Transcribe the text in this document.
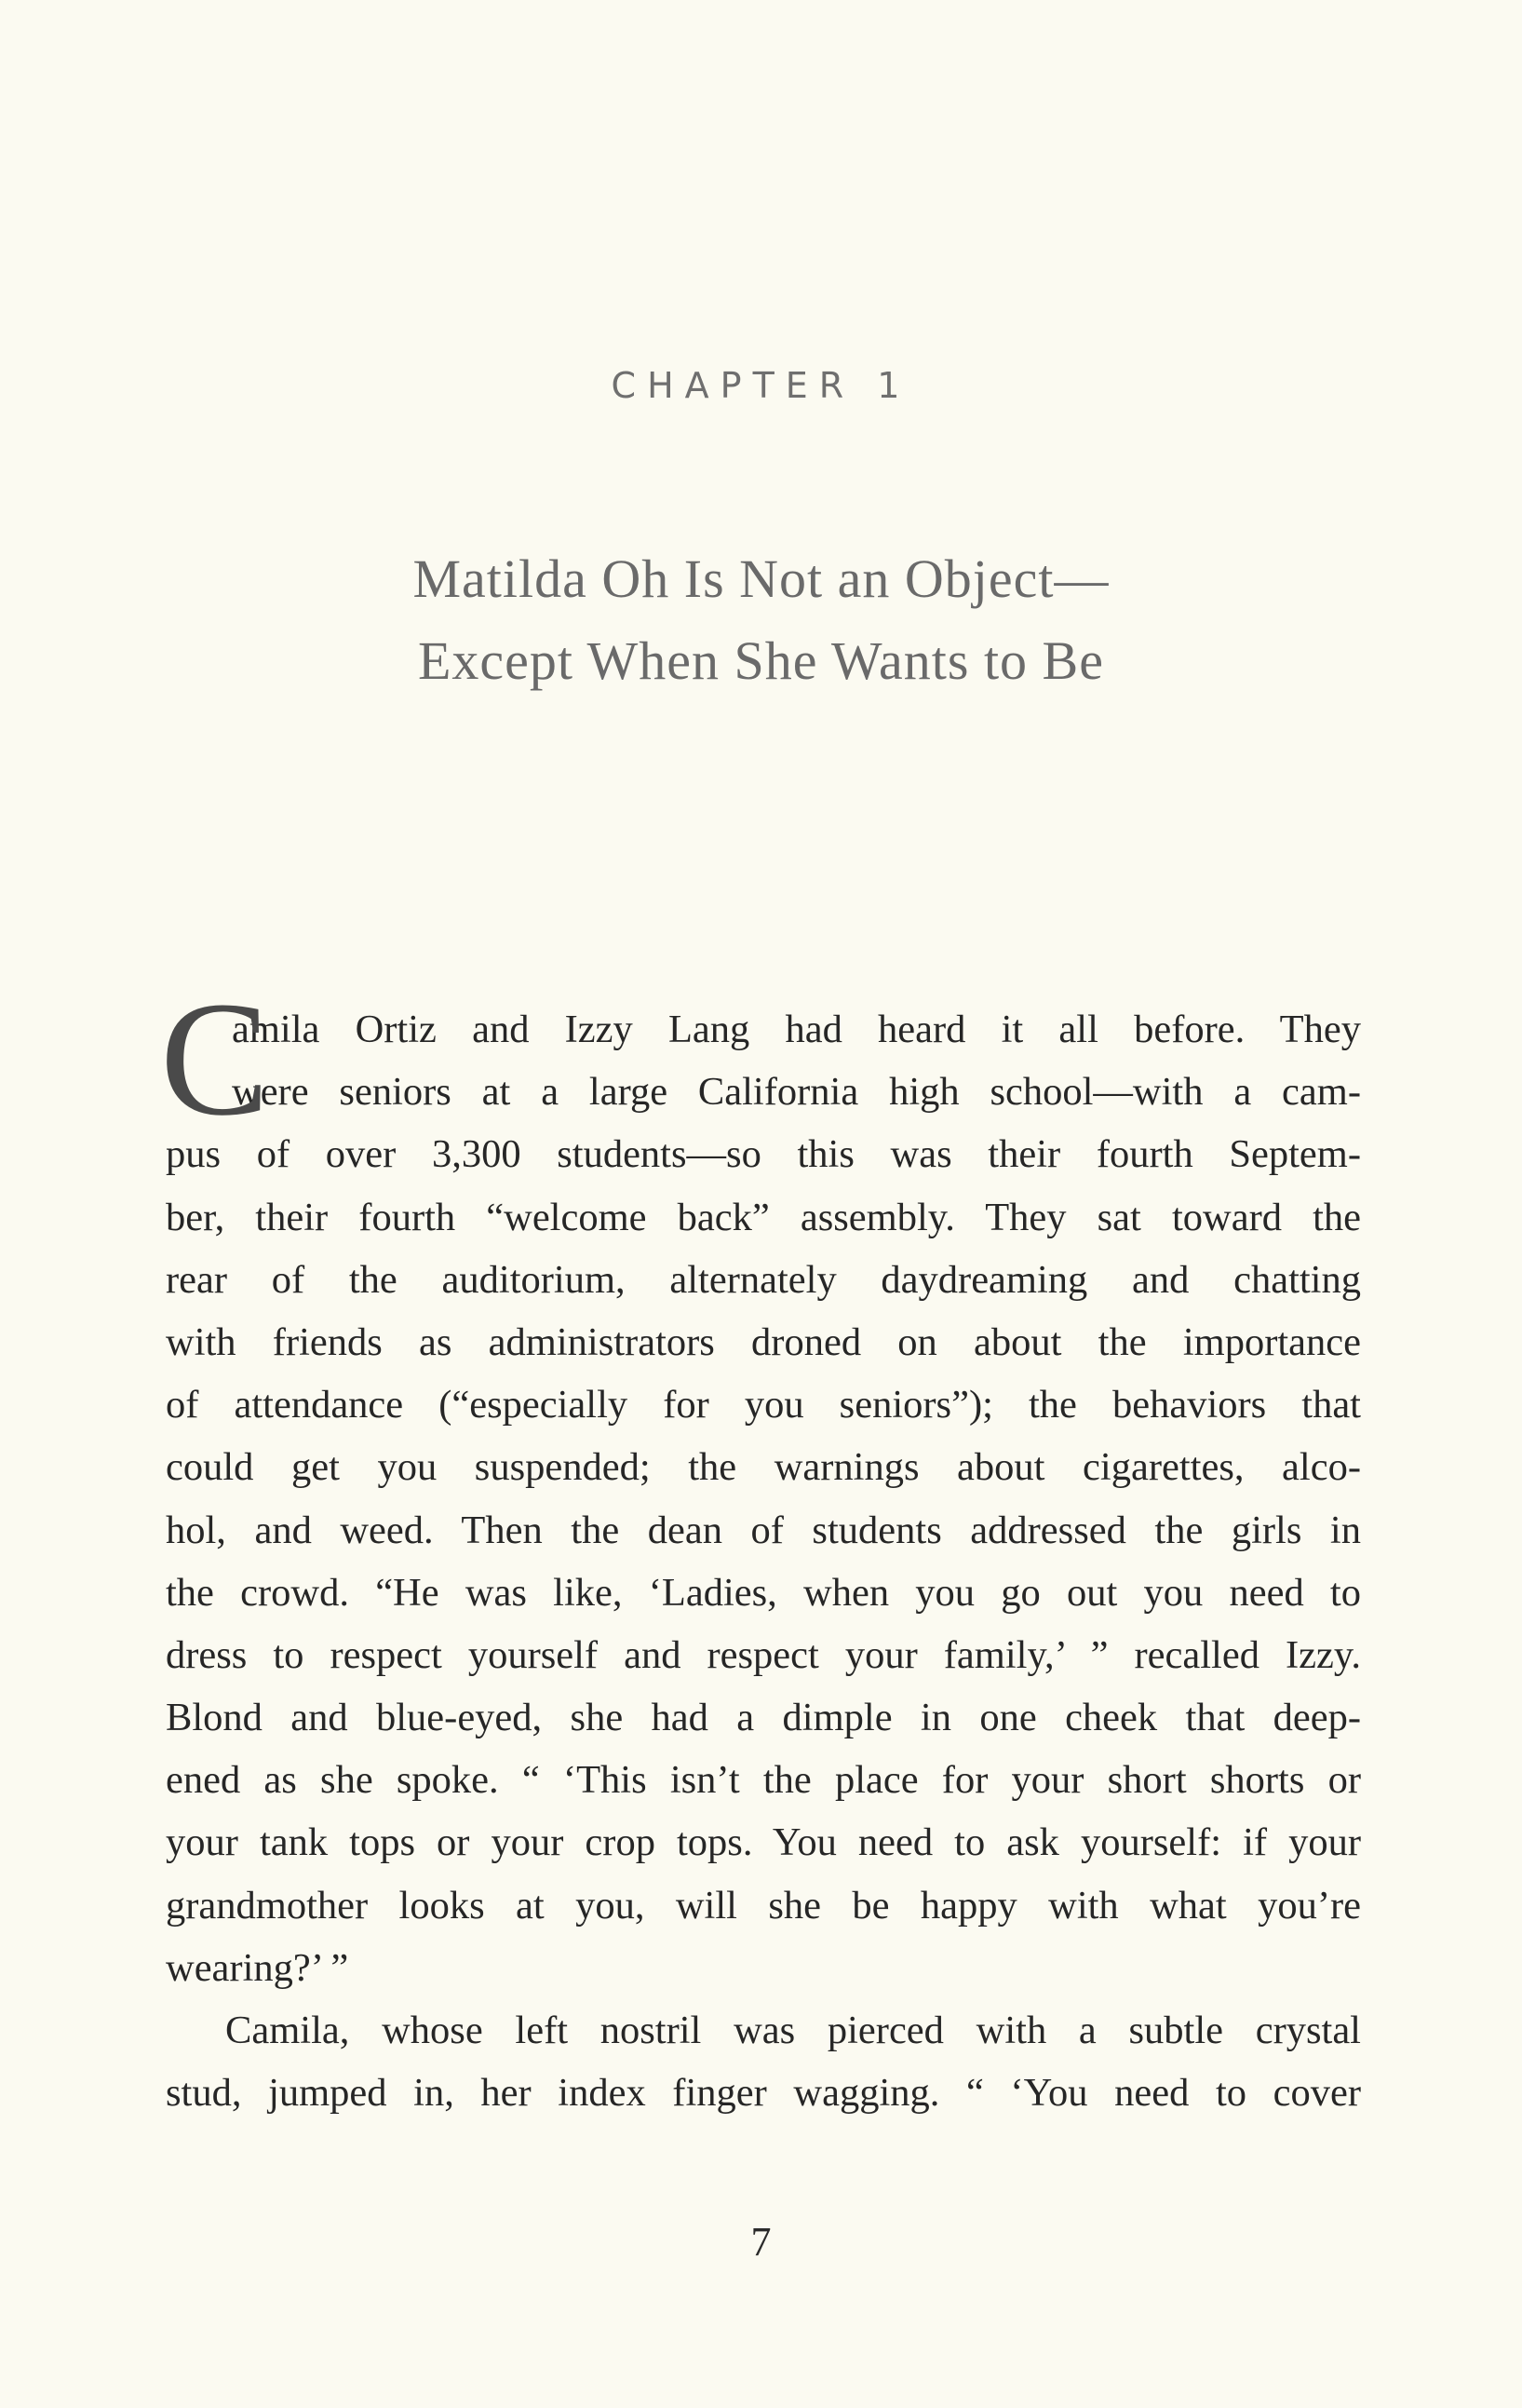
CHAPTER 1
Matilda Oh Is Not an Object—
Except When She Wants to Be
C
amila Ortiz and Izzy Lang had heard it all before. They
were seniors at a large California high school—with a cam-
pus of over 3,300 students—so this was their fourth Septem-
ber, their fourth “welcome back” assembly. They sat toward the
rear of the auditorium, alternately daydreaming and chatting
with friends as administrators droned on about the importance
of attendance (“especially for you seniors”); the behaviors that
could get you suspended; the warnings about cigarettes, alco-
hol, and weed. Then the dean of students addressed the girls in
the crowd. “He was like, ‘Ladies, when you go out you need to
dress to respect yourself and respect your family,’ ” recalled Izzy.
Blond and blue-eyed, she had a dimple in one cheek that deep-
ened as she spoke. “ ‘This isn’t the place for your short shorts or
your tank tops or your crop tops. You need to ask yourself: if your
grandmother looks at you, will she be happy with what you’re
wearing?’ ”
Camila, whose left nostril was pierced with a subtle crystal
stud, jumped in, her index finger wagging. “ ‘You need to cover
7
